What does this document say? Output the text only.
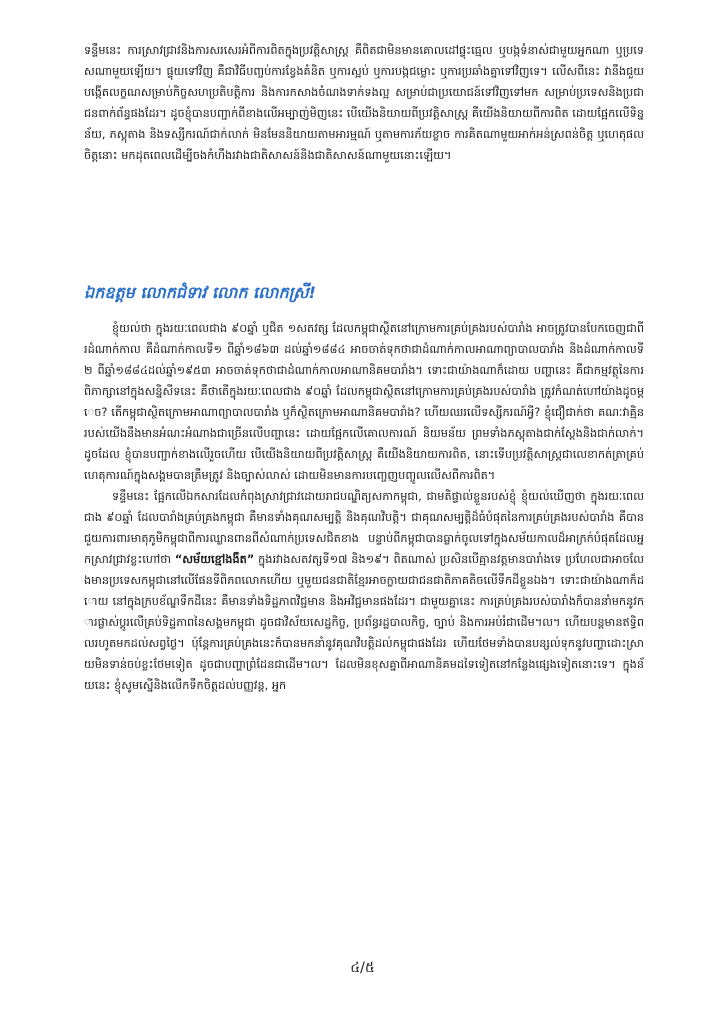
ទន្ទឹមនេះ ការស្រាវជ្រាវនិងការសរសេរអំពីការពិតក្នុងប្រវត្តិសាស្ត្រ គឺពិតជាមិនមានគោលដៅផ្ទុះធ្មេល ឬបង្កទំនាស់ជាមួយអ្នកណា ឬប្រទេសណាមួយឡើយ។ ផ្ទុយទៅវិញ គឺជាវិធីបញ្ចប់ការខ្វែងគំនិត ឬការស្អប់ ឬការបង្កជម្លោះ ឬការប្រឆាំងគ្នាទៅវិញទេ។ លើសពីនេះ វានឹងជួយបង្កើតលក្ខណសម្រាប់កិច្ចសហប្រតិបត្តិការ និងការកសាងចំណងទាក់ទងល្អ សម្រាប់ជាប្រយោជន៍ទៅវិញទៅមក សម្រាប់ប្រទេសនិងប្រជាជនពាក់ព័ន្ធផងដែរ។ ដូចខ្ញុំបានបញ្ជាក់ពីខាងលើអម្បាញ់មិញនេះ បើយើងនិយាយពីប្រវត្តិសាស្ត្រ គឺយើងនិយាយពីការពិត ដោយផ្អែកលើទិន្នន័យ, ភស្តុតាង និងទស្សីករណ៍ជាក់លាក់ មិនមែននិយាយតាមអារម្មណ៍ ឬតាមការភ័យខ្លាច ការគិតណាមួយអាក់អន់ស្រពន់ចិត្ត ឬហេតុផលចិត្តនោះ មកដុតពេលដើម្បីចងកំហឹងរវាងជាតិសាសន៍និងជាតិសាសន៍ណាមួយនោះឡើយ។

ឯកឧត្តម លោកជំទាវ លោក លោកស្រី!

ខ្ញុំយល់ថា ក្នុងរយៈពេលជាង ៩០ឆ្នាំ ឬជិត ១សតវត្ស ដែលកម្ពុជាស្ថិតនៅក្រោមការគ្រប់គ្រងរបស់បារាំង អាចត្រូវបានបែកចេញជាពីរដំណាក់កាល គឺដំណាក់កាលទី១ ពីឆ្នាំ១៨៦៣ ដល់ឆ្នាំ១៨៨៤ អាចចាត់ទុកថាជាដំណាក់កាលអាណាព្យាបាលបារាំង និងដំណាក់កាលទី២ ពីឆ្នាំ១៨៨៤ដល់ឆ្នាំ១៩៥៣ អាចចាត់ទុកថាជាដំណាក់កាលអាណានិគមបារាំង។ ទោះជាយ៉ាងណាក៏ដោយ បញ្ហានេះ គឺជាកម្មវត្ថុនៃការពិភាក្សានៅក្នុងសន្និសីទនេះ គឺថាតើក្នុងរយៈពេលជាង ៩០ឆ្នាំ ដែលកម្ពុជាស្ថិតនៅក្រោមការគ្រប់គ្រងរបស់បារាំង ត្រូវកំណត់ហៅយ៉ាងដូចម្តេច? តើកម្ពុជាស្ថិតក្រោមអាណាព្យាបាលបារាំង ឬក៏ស្ថិតក្រោមអាណានិគមបារាំង? ហើយឈរលើទស្សីករណ៍អ្វី? ខ្ញុំជឿជាក់ថា គណៈវាគ្មិនរបស់យើងនឹងមានអំណះអំណាងជាច្រើនលើបញ្ហានេះ ដោយផ្អែកលើគោលការណ៍ និយមន័យ ព្រមទាំងភស្តុតាងជាក់ស្តែងនិងជាក់លាក់។ ដូចដែល ខ្ញុំបានបញ្ជាក់ខាងលើរួចហើយ បើយើងនិយាយពីប្រវត្តិសាស្ត្រ គឺយើងនិយាយការពិត, នោះទើបប្រវត្តិសាស្ត្រជាលេខាកត់ត្រាគ្រប់ហេតុការណ៍ក្នុងសង្គមបានត្រឹមត្រូវ និងច្បាស់លាស់ ដោយមិនមានការបញ្ចេញបញ្ចូលលើសពីការពិត។

ទន្ទឹមនេះ ផ្អែកលើឯកសារដែលកំពុងស្រាវជ្រាវដោយរាជបណ្ឌិត្យសភាកម្ពុជា, ជាមតិផ្ទាល់ខ្លួនរបស់ខ្ញុំ ខ្ញុំយល់ឃើញថា ក្នុងរយៈពេលជាង ៩០ឆ្នាំ ដែលបារាំងគ្រប់គ្រងកម្ពុជា គឺមានទាំងគុណសម្បត្តិ និងគុណវិបត្តិ។ ជាគុណសម្បត្តិដ៏ធំបំផុតនៃការគ្រប់គ្រងរបស់បារាំង គឺបានជួយការពារមាតុភូមិកម្ពុជាពីការឈ្លានពានពីសំណាក់ប្រទេសជិតខាង បន្ទាប់ពីកម្ពុជាបានធ្លាក់ចូលទៅក្នុងសម័យកាលដ៏អាក្រក់បំផុតដែលអ្នកស្រាវជ្រាវខ្លះហៅថា “សម័យខ្មៅងងឹត” ក្នុងរវាងសតវត្សទី១៧ និង១៩។ ពិតណាស់ ប្រសិនបើគ្មានវត្តមានបារាំងទេ ប្រហែលជាអាចលែងមានប្រទេសកម្ពុជានៅលើផែនទីពិភពលោកហើយ ឬមួយជនជាតិខ្មែរអាចក្លាយជាជនជាតិភាគតិចលើទឹកដីខ្លួនឯង។ ទោះជាយ៉ាងណាក៏ដោយ នៅក្នុងក្របខ័ណ្ឌទឹកដីនេះ គឺមានទាំងទិដ្ឋភាពវិជ្ជមាន និងអវិជ្ជមានផងដែរ។ ជាមួយគ្នានេះ ការគ្រប់គ្រងរបស់បារាំងក៏បាននាំមកនូវការផ្លាស់ប្តូរលើគ្រប់ទិដ្ឋភាពនៃសង្គមកម្ពុជា ដូចជាវិស័យសេដ្ឋកិច្ច, ប្រព័ន្ធរដ្ឋបាលកិច្ច, ច្បាប់ និងការអប់រំជាដើម។ល។ ហើយបន្តមានឥទ្ធិពលរហូតមកដល់សព្វថ្ងៃ។ ប៉ុន្តែការគ្រប់គ្រងនេះក៏បានមកនាំនូវគុណវិបត្តិដល់កម្ពុជាផងដែរ ហើយថែមទាំងបានបន្សល់ទុកនូវបញ្ហាដោះស្រាយមិនទាន់ចប់ខ្លះថែមទៀត ដូចជាបញ្ហាព្រំដែនជាដើម។ល។ ដែលមិនខុសគ្នាពីអាណានិគមដទៃទៀតនៅកន្លែងផ្សេងទៀតនោះទេ។ ក្នុងន័យនេះ ខ្ញុំសូមស្នើនិងលើកទឹកចិត្តដល់បញ្ញវន្ត, អ្នក

៤/៥
